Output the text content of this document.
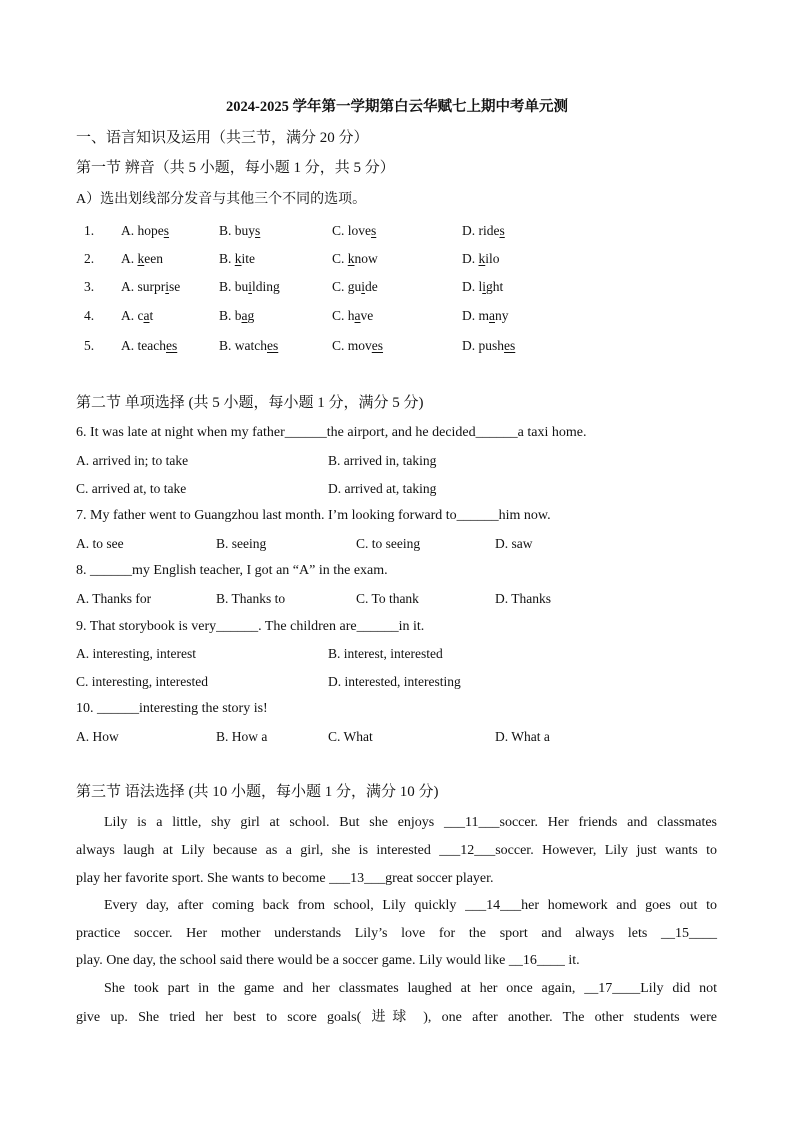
2024-2025 学年第一学期第白云华赋七上期中考单元测
一、语言知识及运用（共三节，满分 20 分）
第一节 辨音（共 5 小题，每小题 1 分，共 5 分）
A）选出划线部分发音与其他三个不同的选项。
1. A. hopes	B. buys	C. loves	D. rides
2. A. keen	B. kite	C. know	D. kilo
3. A. surprise	B. building	C. guide	D. light
4. A. cat	B. bag	C. have	D. many
5. A. teaches	B. watches	C. moves	D. pushes
第二节 单项选择 (共 5 小题，每小题 1 分，满分 5 分)
6. It was late at night when my father______the airport, and he decided______a taxi home.
A. arrived in; to take	B. arrived in, taking
C. arrived at, to take	D. arrived at, taking
7. My father went to Guangzhou last month. I’m looking forward to______him now.
A. to see	B. seeing	C. to seeing	D. saw
8. ______my English teacher, I got an “A” in the exam.
A. Thanks for	B. Thanks to	C. To thank	D. Thanks
9. That storybook is very______. The children are______in it.
A. interesting, interest	B. interest, interested
C. interesting, interested	D. interested, interesting
10. ______interesting the story is!
A. How	B. How a	C. What	D. What a
第三节 语法选择 (共 10 小题，每小题 1 分，满分 10 分)
Lily is a little, shy girl at school. But she enjoys ___11___soccer. Her friends and classmates
always laugh at Lily because as a girl, she is interested ___12___soccer. However, Lily just wants to
play her favorite sport. She wants to become ___13___great soccer player.
Every day, after coming back from school, Lily quickly ___14___her homework and goes out to
practice soccer. Her mother understands Lily’s love for the sport and always lets __15____
play. One day, the school said there would be a soccer game. Lily would like __16____ it.
She took part in the game and her classmates laughed at her once again, __17____Lily did not
give up. She tried her best to score goals( 进球 ), one after another. The other students were
